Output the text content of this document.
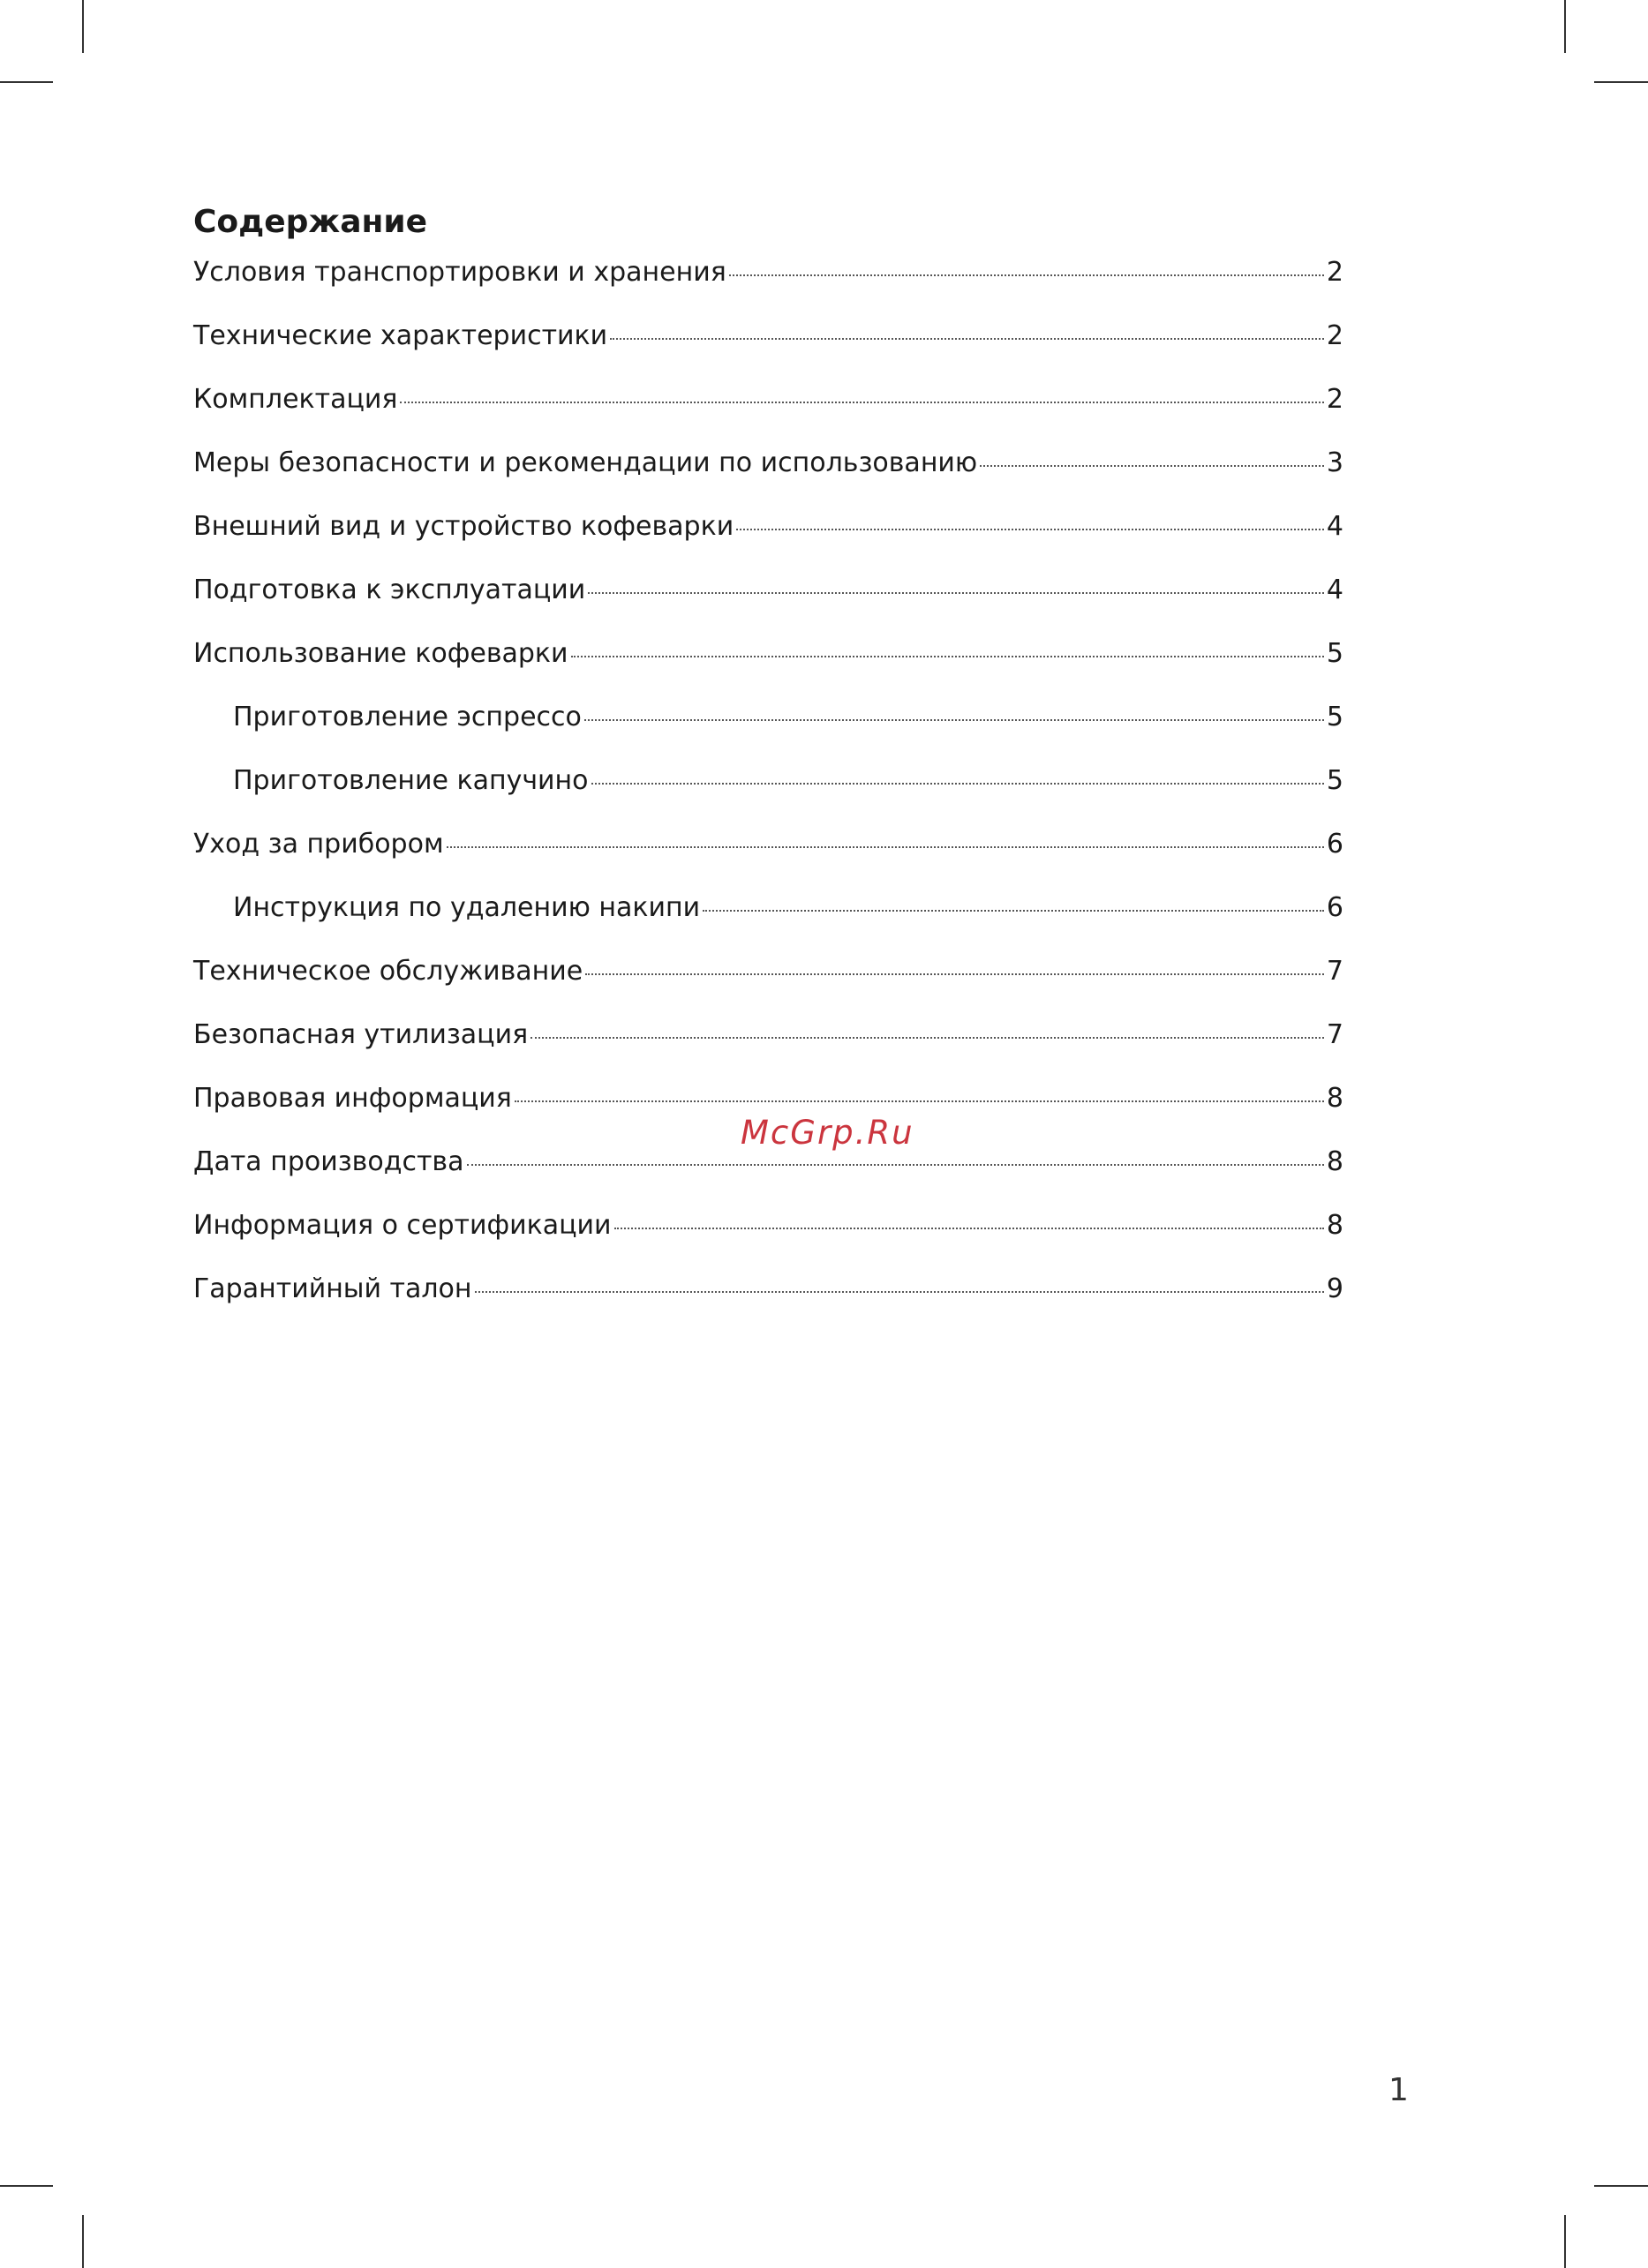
Содержание
Условия транспортировки и хранения	2
Технические характеристики	2
Комплектация	2
Меры безопасности и рекомендации по использованию	3
Внешний вид и устройство кофеварки	4
Подготовка к эксплуатации	4
Использование кофеварки	5
Приготовление эспрессо	5
Приготовление капучино	5
Уход за прибором	6
Инструкция по удалению накипи	6
Техническое обслуживание	7
Безопасная утилизация	7
Правовая информация	8
Дата производства	8
Информация о сертификации	8
Гарантийный талон	9
McGrp.Ru
1
